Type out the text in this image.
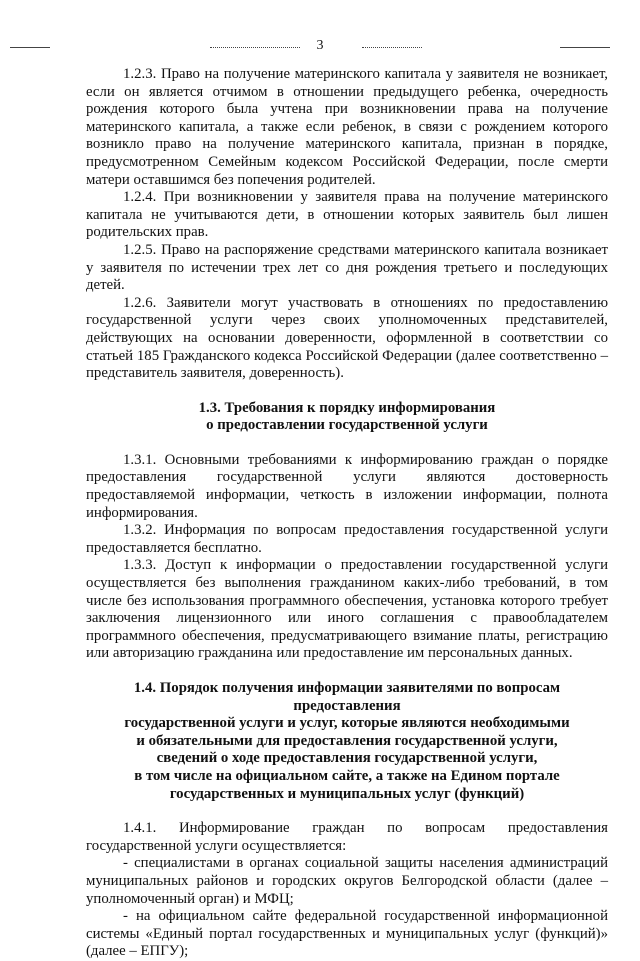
3

1.2.3. Право на получение материнского капитала у заявителя не возникает, если он является отчимом в отношении предыдущего ребенка, очередность рождения которого была учтена при возникновении права на получение материнского капитала, а также если ребенок, в связи с рождением которого возникло право на получение материнского капитала, признан в порядке, предусмотренном Семейным кодексом Российской Федерации, после смерти матери оставшимся без попечения родителей.

1.2.4. При возникновении у заявителя права на получение материнского капитала не учитываются дети, в отношении которых заявитель был лишен родительских прав.

1.2.5. Право на распоряжение средствами материнского капитала возникает у заявителя по истечении трех лет со дня рождения третьего и последующих детей.

1.2.6. Заявители могут участвовать в отношениях по предоставлению государственной услуги через своих уполномоченных представителей, действующих на основании доверенности, оформленной в соответствии со статьей 185 Гражданского кодекса Российской Федерации (далее соответственно – представитель заявителя, доверенность).

1.3. Требования к порядку информирования

о предоставлении государственной услуги

1.3.1. Основными требованиями к информированию граждан о порядке предоставления государственной услуги являются достоверность предоставляемой информации, четкость в изложении информации, полнота информирования.

1.3.2. Информация по вопросам предоставления государственной услуги предоставляется бесплатно.

1.3.3. Доступ к информации о предоставлении государственной услуги осуществляется без выполнения гражданином каких-либо требований, в том числе без использования программного обеспечения, установка которого требует заключения лицензионного или иного соглашения с правообладателем программного обеспечения, предусматривающего взимание платы, регистрацию или авторизацию гражданина или предоставление им персональных данных.

1.4. Порядок получения информации заявителями по вопросам предоставления

государственной услуги и услуг, которые являются необходимыми

и обязательными для предоставления государственной услуги,

сведений о ходе предоставления государственной услуги,

в том числе на официальном сайте, а также на Едином портале

государственных и муниципальных услуг (функций)

1.4.1. Информирование граждан по вопросам предоставления государственной услуги осуществляется:

- специалистами в органах социальной защиты населения администраций муниципальных районов и городских округов Белгородской области (далее – уполномоченный орган) и МФЦ;

- на официальном сайте федеральной государственной информационной системы «Единый портал государственных и муниципальных услуг (функций)» (далее – ЕПГУ);
